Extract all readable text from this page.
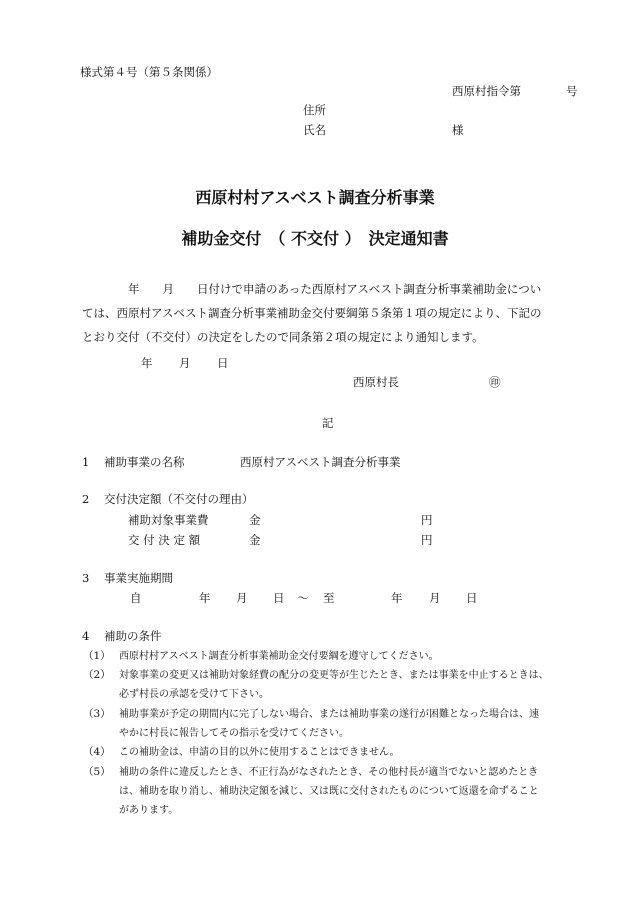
様式第４号（第５条関係）
西原村指令第	号
住所
氏名	様
西原村村アスベスト調査分析事業
補助金交付　（ 不交付 ）　決定通知書
年　　月　　日付けで申請のあった西原村アスベスト調査分析事業補助金につい
ては、西原村アスベスト調査分析事業補助金交付要綱第５条第１項の規定により、下記の
とおり交付（不交付）の決定をしたので同条第２項の規定により通知します。
年 月 日
西原村長	㊞
記
1 補助事業の名称	西原村アスベスト調査分析事業
2 交付決定額（不交付の理由）
補助対象事業費	金	円
交 付 決 定 額	金	円
3 事業実施期間
自	年 月 日 ～ 至	年 月 日
4 補助の条件
（1） 西原村村アスベスト調査分析事業補助金交付要綱を遵守してください。
（2） 対象事業の変更又は補助対象経費の配分の変更等が生じたとき、または事業を中止するときは、
必ず村長の承認を受けて下さい。
（3） 補助事業が予定の期間内に完了しない場合、または補助事業の遂行が困難となった場合は、速
やかに村長に報告してその指示を受けてください。
（4） この補助金は、申請の目的以外に使用することはできません。
（5） 補助の条件に違反したとき、不正行為がなされたとき、その他村長が適当でないと認めたとき
は、補助を取り消し、補助決定額を減じ、又は既に交付されたものについて返還を命ずること
があります。
